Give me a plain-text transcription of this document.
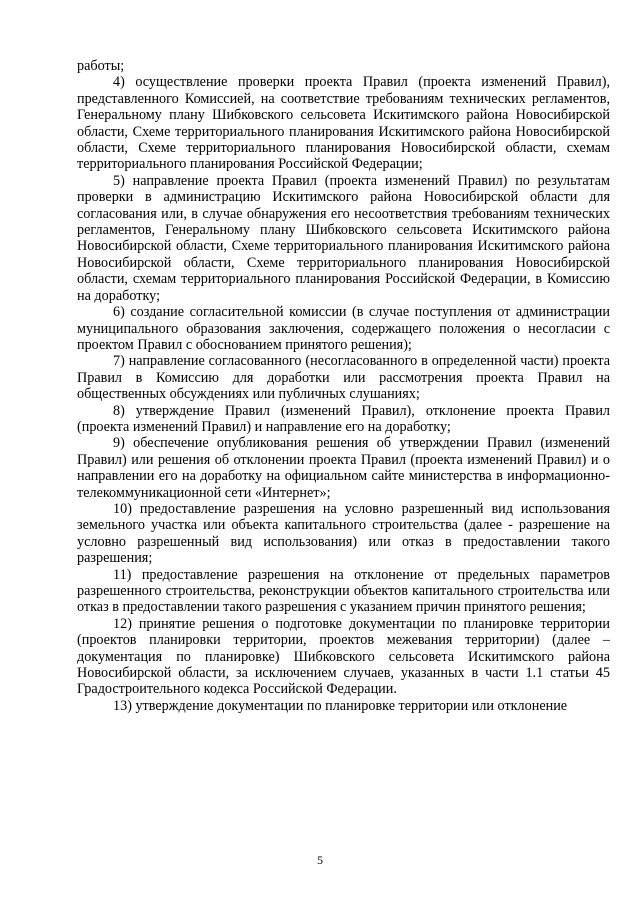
работы;

4) осуществление проверки проекта Правил (проекта изменений Правил), представленного Комиссией, на соответствие требованиям технических регламентов, Генеральному плану Шибковского сельсовета Искитимского района Новосибирской области, Схеме территориального планирования Искитимского района Новосибирской области, Схеме территориального планирования Новосибирской области, схемам территориального планирования Российской Федерации;

5) направление проекта Правил (проекта изменений Правил) по результатам проверки в администрацию Искитимского района Новосибирской области для согласования или, в случае обнаружения его несоответствия требованиям технических регламентов, Генеральному плану Шибковского сельсовета Искитимского района Новосибирской области, Схеме территориального планирования Искитимского района Новосибирской области, Схеме территориального планирования Новосибирской области, схемам территориального планирования Российской Федерации, в Комиссию на доработку;

6) создание согласительной комиссии (в случае поступления от администрации муниципального образования заключения, содержащего положения о несогласии с проектом Правил с обоснованием принятого решения);

7) направление согласованного (несогласованного в определенной части) проекта Правил в Комиссию для доработки или рассмотрения проекта Правил на общественных обсуждениях или публичных слушаниях;

8) утверждение Правил (изменений Правил), отклонение проекта Правил (проекта изменений Правил) и направление его на доработку;

9) обеспечение опубликования решения об утверждении Правил (изменений Правил) или решения об отклонении проекта Правил (проекта изменений Правил) и о направлении его на доработку на официальном сайте министерства в информационно-телекоммуникационной сети «Интернет»;

10) предоставление разрешения на условно разрешенный вид использования земельного участка или объекта капитального строительства (далее - разрешение на условно разрешенный вид использования) или отказ в предоставлении такого разрешения;

11) предоставление разрешения на отклонение от предельных параметров разрешенного строительства, реконструкции объектов капитального строительства или отказ в предоставлении такого разрешения с указанием причин принятого решения;

12) принятие решения о подготовке документации по планировке территории (проектов планировки территории, проектов межевания территории) (далее – документация по планировке) Шибковского сельсовета Искитимского района Новосибирской области, за исключением случаев, указанных в части 1.1 статьи 45 Градостроительного кодекса Российской Федерации.

13) утверждение документации по планировке территории или отклонение

5
